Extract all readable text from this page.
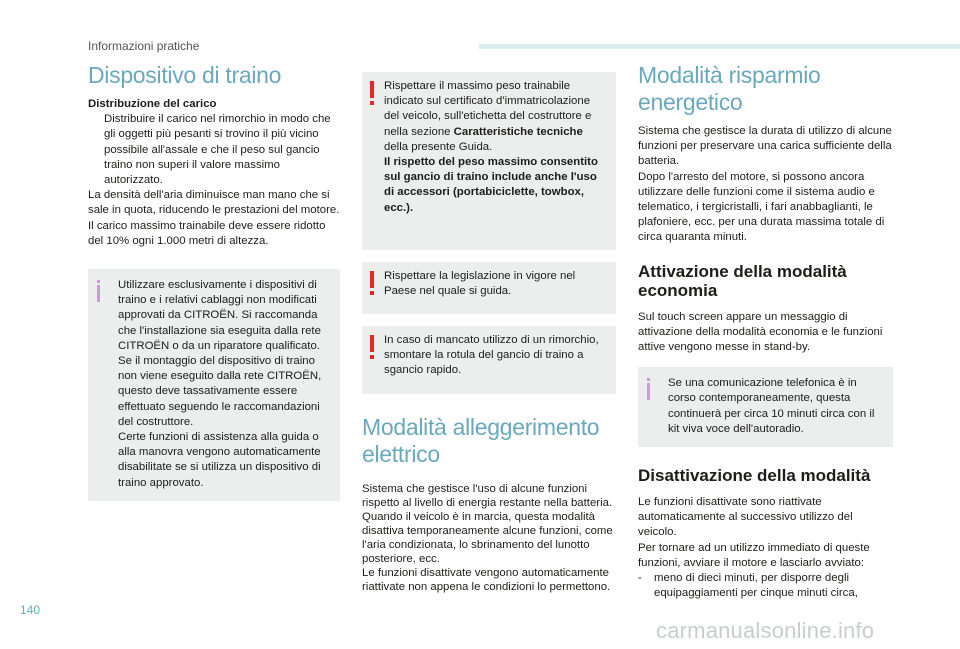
Informazioni pratiche
Dispositivo di traino

Distribuzione del carico

Distribuire il carico nel rimorchio in modo che gli oggetti più pesanti si trovino il più vicino possibile all'assale e che il peso sul gancio traino non superi il valore massimo autorizzato.

La densità dell'aria diminuisce man mano che si sale in quota, riducendo le prestazioni del motore. Il carico massimo trainabile deve essere ridotto del 10% ogni 1.000 metri di altezza.

Utilizzare esclusivamente i dispositivi di traino e i relativi cablaggi non modificati approvati da CITROËN. Si raccomanda che l'installazione sia eseguita dalla rete CITROËN o da un riparatore qualificato.

Se il montaggio del dispositivo di traino non viene eseguito dalla rete CITROËN, questo deve tassativamente essere effettuato seguendo le raccomandazioni del costruttore.

Certe funzioni di assistenza alla guida o alla manovra vengono automaticamente disabilitate se si utilizza un dispositivo di traino approvato.

Rispettare il massimo peso trainabile indicato sul certificato d'immatricolazione del veicolo, sull'etichetta del costruttore e nella sezione Caratteristiche tecniche della presente Guida.

Il rispetto del peso massimo consentito sul gancio di traino include anche l'uso di accessori (portabiciclette, towbox, ecc.).

Rispettare la legislazione in vigore nel Paese nel quale si guida.

In caso di mancato utilizzo di un rimorchio, smontare la rotula del gancio di traino a sgancio rapido.

Modalità alleggerimento elettrico

Sistema che gestisce l'uso di alcune funzioni rispetto al livello di energia restante nella batteria.

Quando il veicolo è in marcia, questa modalità disattiva temporaneamente alcune funzioni, come l'aria condizionata, lo sbrinamento del lunotto posteriore, ecc.

Le funzioni disattivate vengono automaticamente riattivate non appena le condizioni lo permettono.

Modalità risparmio energetico

Sistema che gestisce la durata di utilizzo di alcune funzioni per preservare una carica sufficiente della batteria.

Dopo l'arresto del motore, si possono ancora utilizzare delle funzioni come il sistema audio e telematico, i tergicristalli, i fari anabbaglianti, le plafoniere, ecc. per una durata massima totale di circa quaranta minuti.

Attivazione della modalità economia

Sul touch screen appare un messaggio di attivazione della modalità economia e le funzioni attive vengono messe in stand-by.

Se una comunicazione telefonica è in corso contemporaneamente, questa continuerà per circa 10 minuti circa con il kit viva voce dell'autoradio.

Disattivazione della modalità

Le funzioni disattivate sono riattivate automaticamente al successivo utilizzo del veicolo.

Per tornare ad un utilizzo immediato di queste funzioni, avviare il motore e lasciarlo avviato:

- meno di dieci minuti, per disporre degli equipaggiamenti per cinque minuti circa,
140
carmanualsonline.info
